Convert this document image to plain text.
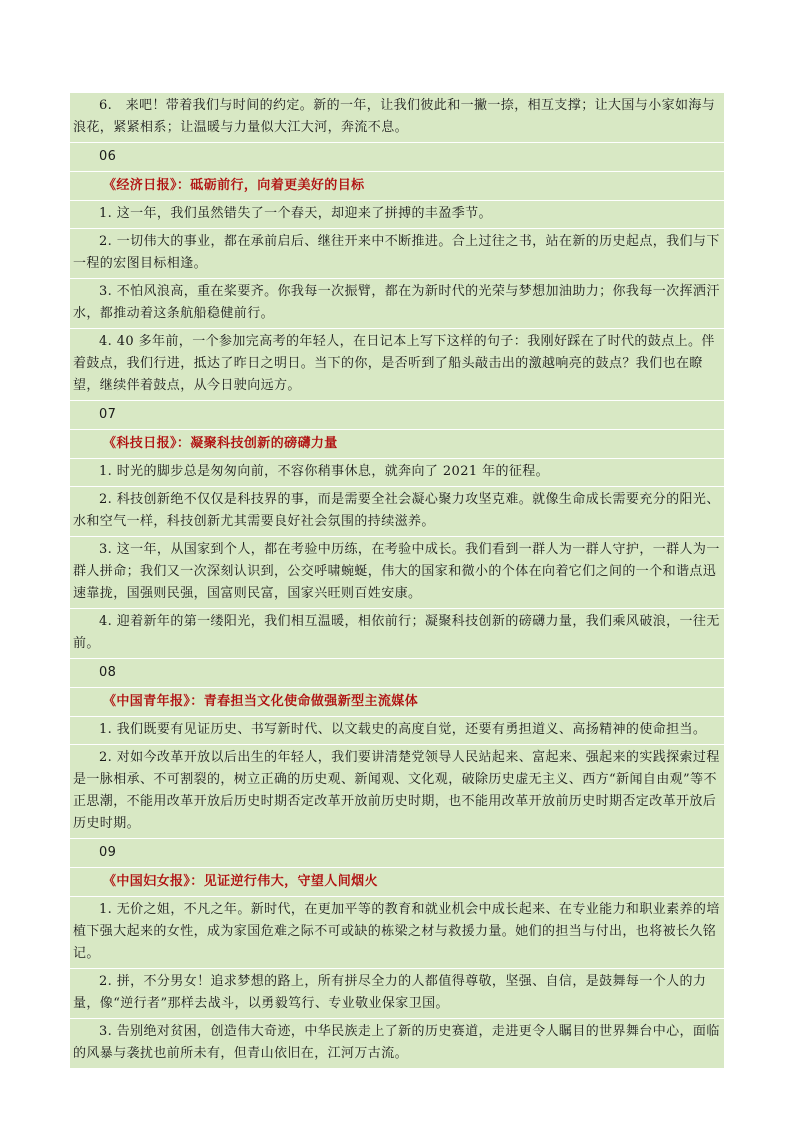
6.　来吧！带着我们与时间的约定。新的一年，让我们彼此和一撇一捺，相互支撑；让大国与小家如海与浪花，紧紧相系；让温暖与力量似大江大河，奔流不息。

06

《经济日报》：砥砺前行，向着更美好的目标

1. 这一年，我们虽然错失了一个春天，却迎来了拼搏的丰盈季节。

2. 一切伟大的事业，都在承前启后、继往开来中不断推进。合上过往之书，站在新的历史起点，我们与下一程的宏图目标相逢。

3. 不怕风浪高，重在桨要齐。你我每一次振臂，都在为新时代的光荣与梦想加油助力；你我每一次挥洒汗水，都推动着这条航船稳健前行。

4. 40 多年前，一个参加完高考的年轻人，在日记本上写下这样的句子：我刚好踩在了时代的鼓点上。伴着鼓点，我们行进，抵达了昨日之明日。当下的你，是否听到了船头敲击出的激越响亮的鼓点？我们也在瞭望，继续伴着鼓点，从今日驶向远方。

07

《科技日报》：凝聚科技创新的磅礴力量

1. 时光的脚步总是匆匆向前，不容你稍事休息，就奔向了 2021 年的征程。

2. 科技创新绝不仅仅是科技界的事，而是需要全社会凝心聚力攻坚克难。就像生命成长需要充分的阳光、水和空气一样，科技创新尤其需要良好社会氛围的持续滋养。

3. 这一年，从国家到个人，都在考验中历练，在考验中成长。我们看到一群人为一群人守护，一群人为一群人拼命；我们又一次深刻认识到，公交呼啸蜿蜒，伟大的国家和微小的个体在向着它们之间的一个和谐点迅速靠拢，国强则民强，国富则民富，国家兴旺则百姓安康。

4. 迎着新年的第一缕阳光，我们相互温暖，相依前行；凝聚科技创新的磅礴力量，我们乘风破浪，一往无前。

08

《中国青年报》：青春担当文化使命做强新型主流媒体

1. 我们既要有见证历史、书写新时代、以文载史的高度自觉，还要有勇担道义、高扬精神的使命担当。

2. 对如今改革开放以后出生的年轻人，我们要讲清楚党领导人民站起来、富起来、强起来的实践探索过程是一脉相承、不可割裂的，树立正确的历史观、新闻观、文化观，破除历史虚无主义、西方“新闻自由观”等不正思潮，不能用改革开放后历史时期否定改革开放前历史时期，也不能用改革开放前历史时期否定改革开放后历史时期。

09

《中国妇女报》：见证逆行伟大，守望人间烟火

1. 无价之姐，不凡之年。新时代，在更加平等的教育和就业机会中成长起来、在专业能力和职业素养的培植下强大起来的女性，成为家国危难之际不可或缺的栋梁之材与救援力量。她们的担当与付出，也将被长久铭记。

2. 拼，不分男女！追求梦想的路上，所有拼尽全力的人都值得尊敬，坚强、自信，是鼓舞每一个人的力量，像“逆行者”那样去战斗，以勇毅笃行、专业敬业保家卫国。

3. 告别绝对贫困，创造伟大奇迹，中华民族走上了新的历史赛道，走进更令人瞩目的世界舞台中心，面临的风暴与袭扰也前所未有，但青山依旧在，江河万古流。
